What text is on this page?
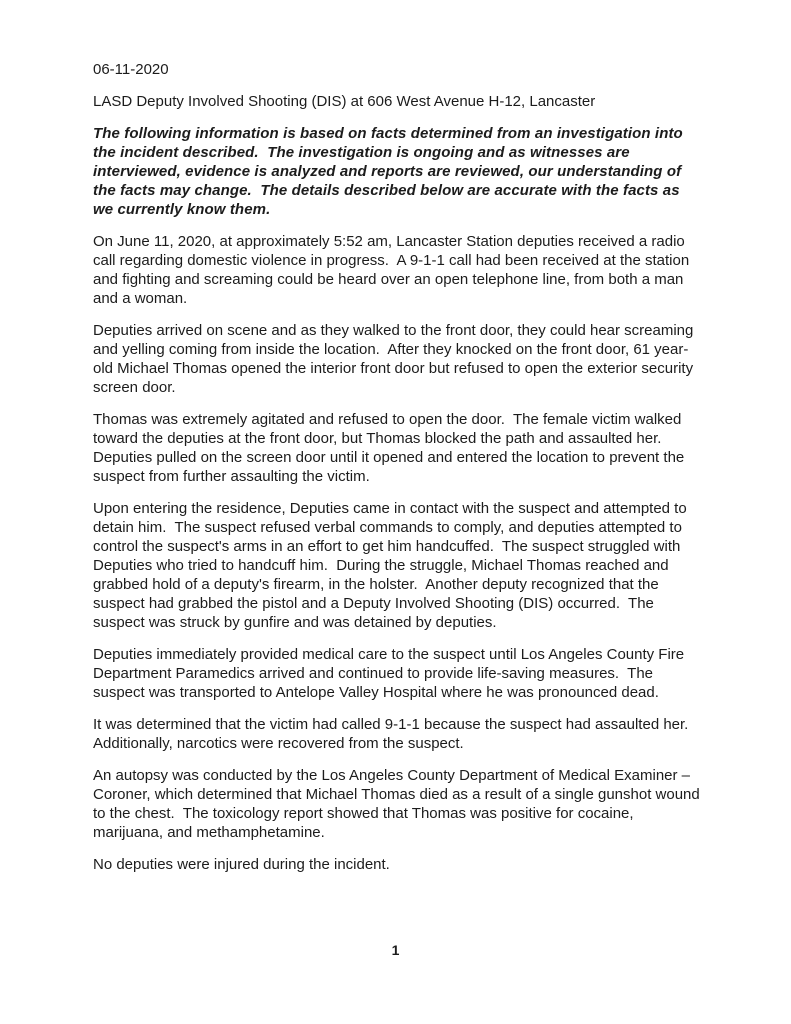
06-11-2020

LASD Deputy Involved Shooting (DIS) at 606 West Avenue H-12, Lancaster

The following information is based on facts determined from an investigation into the incident described.  The investigation is ongoing and as witnesses are interviewed, evidence is analyzed and reports are reviewed, our understanding of the facts may change.  The details described below are accurate with the facts as we currently know them.

On June 11, 2020, at approximately 5:52 am, Lancaster Station deputies received a radio call regarding domestic violence in progress.  A 9-1-1 call had been received at the station and fighting and screaming could be heard over an open telephone line, from both a man and a woman.

Deputies arrived on scene and as they walked to the front door, they could hear screaming and yelling coming from inside the location.  After they knocked on the front door, 61 year-old Michael Thomas opened the interior front door but refused to open the exterior security screen door.

Thomas was extremely agitated and refused to open the door.  The female victim walked toward the deputies at the front door, but Thomas blocked the path and assaulted her.  Deputies pulled on the screen door until it opened and entered the location to prevent the suspect from further assaulting the victim.

Upon entering the residence, Deputies came in contact with the suspect and attempted to detain him.  The suspect refused verbal commands to comply, and deputies attempted to control the suspect's arms in an effort to get him handcuffed.  The suspect struggled with Deputies who tried to handcuff him.  During the struggle, Michael Thomas reached and grabbed hold of a deputy's firearm, in the holster.  Another deputy recognized that the suspect had grabbed the pistol and a Deputy Involved Shooting (DIS) occurred.  The suspect was struck by gunfire and was detained by deputies.

Deputies immediately provided medical care to the suspect until Los Angeles County Fire Department Paramedics arrived and continued to provide life-saving measures.  The suspect was transported to Antelope Valley Hospital where he was pronounced dead.

It was determined that the victim had called 9-1-1 because the suspect had assaulted her.  Additionally, narcotics were recovered from the suspect.

An autopsy was conducted by the Los Angeles County Department of Medical Examiner – Coroner, which determined that Michael Thomas died as a result of a single gunshot wound to the chest.  The toxicology report showed that Thomas was positive for cocaine, marijuana, and methamphetamine.

No deputies were injured during the incident.

1
